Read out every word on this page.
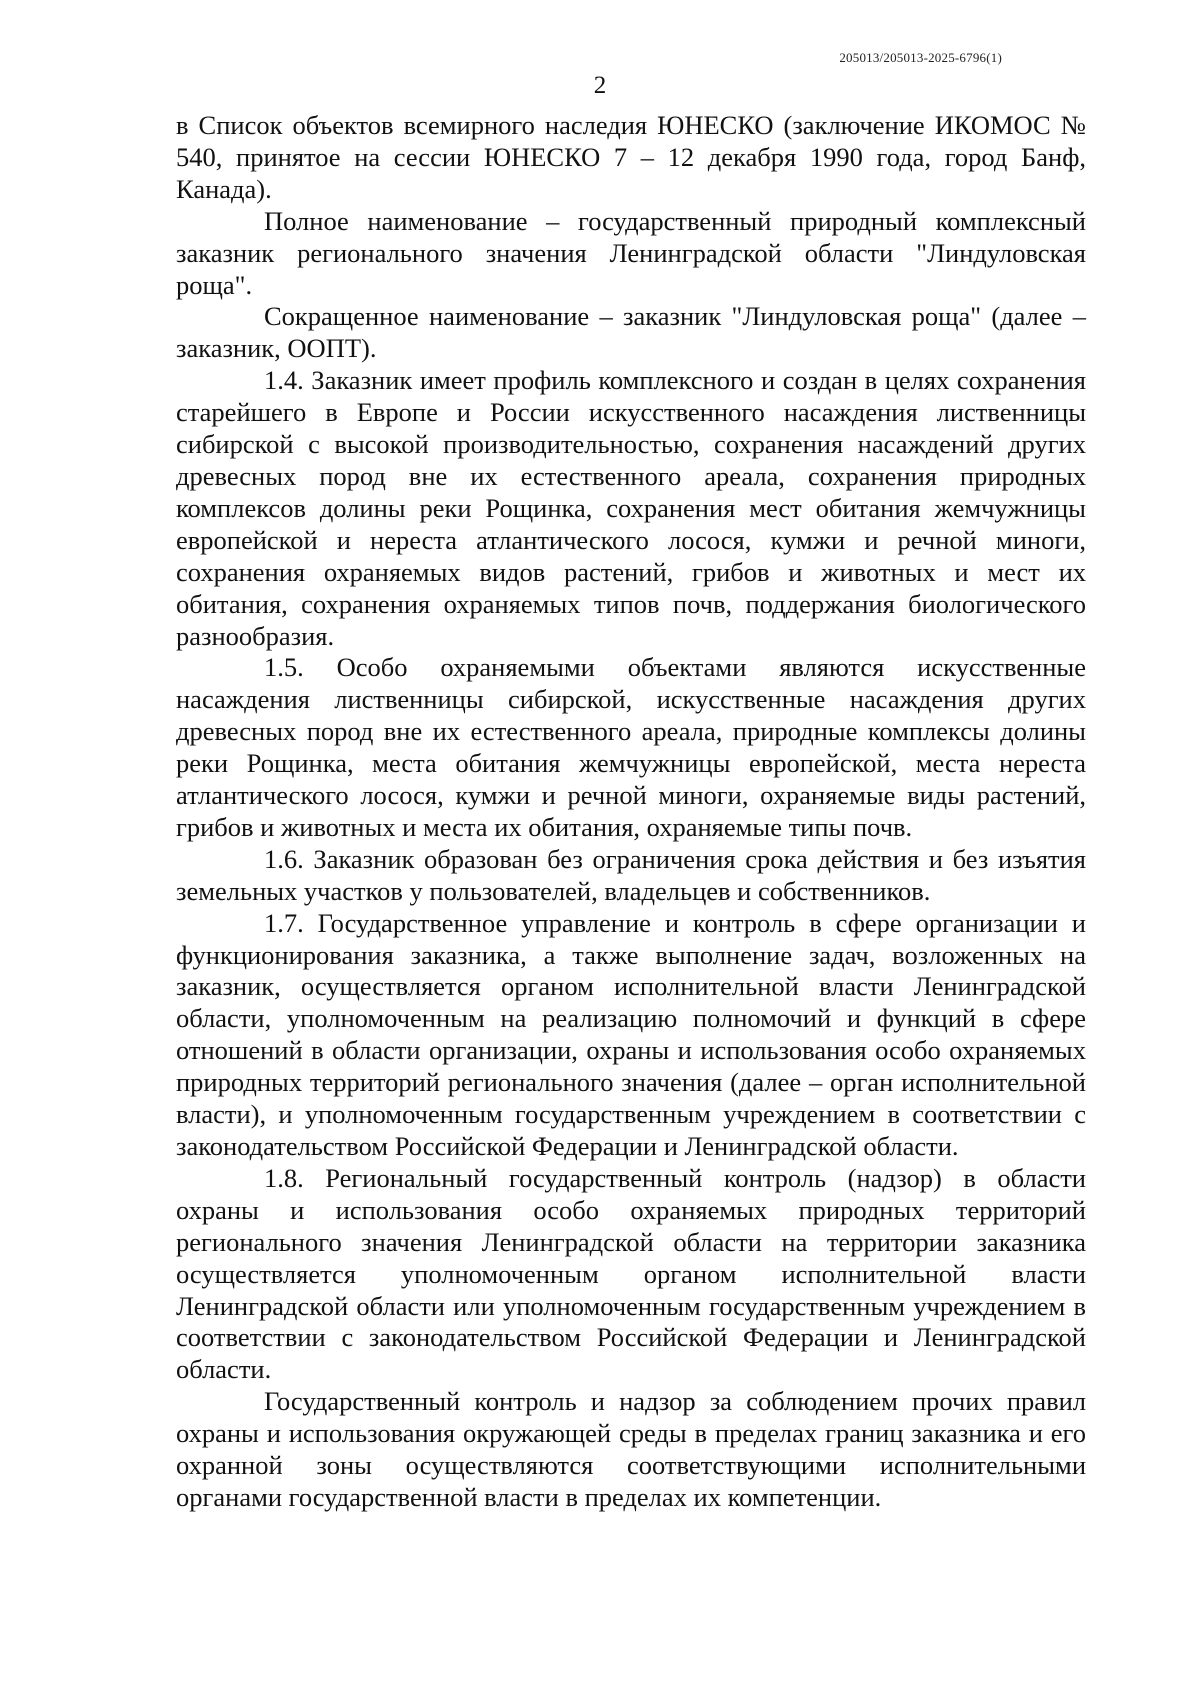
205013/205013-2025-6796(1)
2

в Список объектов всемирного наследия ЮНЕСКО (заключение ИКОМОС № 540, принятое на сессии ЮНЕСКО 7 – 12 декабря 1990 года, город Банф, Канада).

Полное наименование – государственный природный комплексный заказник регионального значения Ленинградской области "Линдуловская роща".

Сокращенное наименование – заказник "Линдуловская роща" (далее – заказник, ООПТ).

1.4. Заказник имеет профиль комплексного и создан в целях сохранения старейшего в Европе и России искусственного насаждения лиственницы сибирской с высокой производительностью, сохранения насаждений других древесных пород вне их естественного ареала, сохранения природных комплексов долины реки Рощинка, сохранения мест обитания жемчужницы европейской и нереста атлантического лосося, кумжи и речной миноги, сохранения охраняемых видов растений, грибов и животных и мест их обитания, сохранения охраняемых типов почв, поддержания биологического разнообразия.

1.5. Особо охраняемыми объектами являются искусственные насаждения лиственницы сибирской, искусственные насаждения других древесных пород вне их естественного ареала, природные комплексы долины реки Рощинка, места обитания жемчужницы европейской, места нереста атлантического лосося, кумжи и речной миноги, охраняемые виды растений, грибов и животных и места их обитания, охраняемые типы почв.

1.6. Заказник образован без ограничения срока действия и без изъятия земельных участков у пользователей, владельцев и собственников.

1.7. Государственное управление и контроль в сфере организации и функционирования заказника, а также выполнение задач, возложенных на заказник, осуществляется органом исполнительной власти Ленинградской области, уполномоченным на реализацию полномочий и функций в сфере отношений в области организации, охраны и использования особо охраняемых природных территорий регионального значения (далее – орган исполнительной власти), и уполномоченным государственным учреждением в соответствии с законодательством Российской Федерации и Ленинградской области.

1.8. Региональный государственный контроль (надзор) в области охраны и использования особо охраняемых природных территорий регионального значения Ленинградской области на территории заказника осуществляется уполномоченным органом исполнительной власти Ленинградской области или уполномоченным государственным учреждением в соответствии с законодательством Российской Федерации и Ленинградской области.

Государственный контроль и надзор за соблюдением прочих правил охраны и использования окружающей среды в пределах границ заказника и его охранной зоны осуществляются соответствующими исполнительными органами государственной власти в пределах их компетенции.
